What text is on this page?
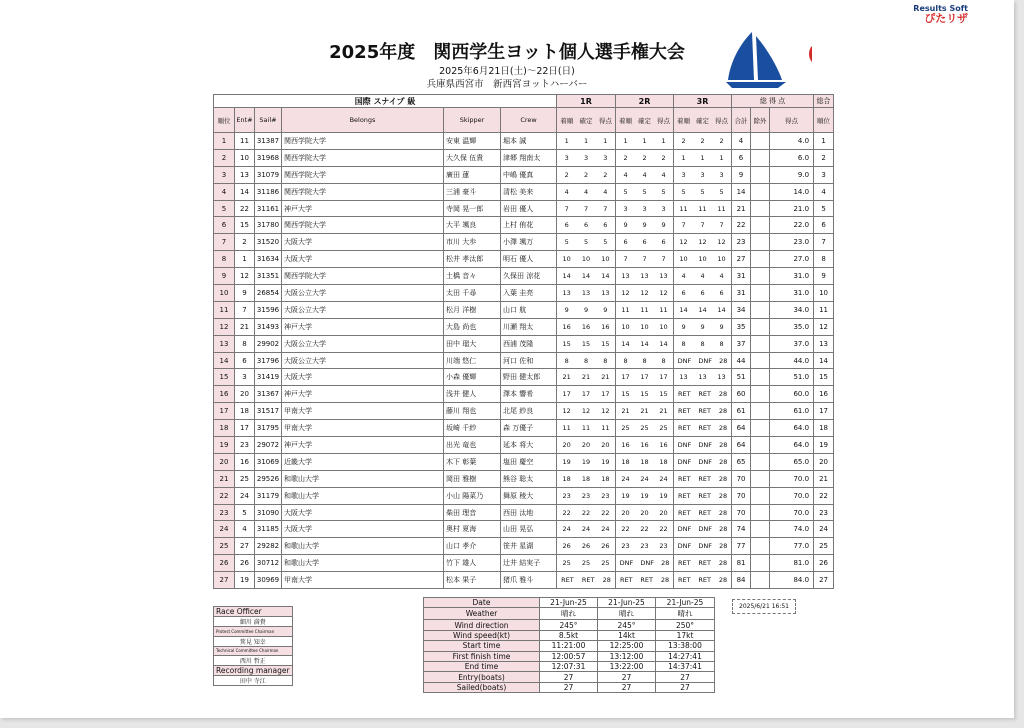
Results Soft
ぴたリザ
2025年度　関西学生ヨット個人選手権大会
2025年6月21日(土)～22日(日)
兵庫県西宮市　新西宮ヨットハーバー
国際 スナイプ 級						1R	2R	3R	総 得 点			総合
順位	Ent#	Sail#	Belongs	Skipper	Crew	着順 確定 得点	着順 確定 得点	着順 確定 得点	合計	除外	得点	順位
1	11	31387	関西学院大学	安東 温輝	堀本 誠	1 1 1	1 1 1	2 2 2	4		4.0	1
2	10	31968	関西学院大学	大久保 伍貴	津郷 翔南太	3 3 3	2 2 2	1 1 1	6		6.0	2
3	13	31079	関西学院大学	廣田 蓮	中嶋 優真	2 2 2	4 4 4	3 3 3	9		9.0	3
4	14	31186	関西学院大学	三浦 豪斗	清松 美来	4 4 4	5 5 5	5 5 5	14		14.0	4
5	22	31161	神戸大学	寺岡 晃一郎	岩田 優人	7 7 7	3 3 3	11 11 11	21		21.0	5
6	15	31780	関西学院大学	大平 颯良	上村 侑花	6 6 6	9 9 9	7 7 7	22		22.0	6
7	2	31520	大阪大学	市川 大歩	小澤 颯万	5 5 5	6 6 6	12 12 12	23		23.0	7
8	1	31634	大阪大学	松井 孝汰郎	明石 優人	10 10 10	7 7 7	10 10 10	27		27.0	8
9	12	31351	関西学院大学	土橋 音々	久保田 涼花	14 14 14	13 13 13	4 4 4	31		31.0	9
10	9	26854	大阪公立大学	太田 千尋	入葉 圭亮	13 13 13	12 12 12	6 6 6	31		31.0	10
11	7	31596	大阪公立大学	松月 洋樹	山口 航	9 9 9	11 11 11	14 14 14	34		34.0	11
12	21	31493	神戸大学	大島 尚也	川瀬 翔太	16 16 16	10 10 10	9 9 9	35		35.0	12
13	8	29902	大阪公立大学	田中 瑠大	西浦 茂隆	15 15 15	14 14 14	8 8 8	37		37.0	13
14	6	31796	大阪公立大学	川端 悠仁	河口 佐和	8 8 8	8 8 8	DNF DNF 28	44		44.0	14
15	3	31419	大阪大学	小森 優輝	野田 健太郎	21 21 21	17 17 17	13 13 13	51		51.0	15
16	20	31367	神戸大学	浅井 健人	澤本 響希	17 17 17	15 15 15	RET RET 28	60		60.0	16
17	18	31517	甲南大学	藤川 翔也	北尾 紗良	12 12 12	21 21 21	RET RET 28	61		61.0	17
18	17	31795	甲南大学	坂崎 千紗	森 万優子	11 11 11	25 25 25	RET RET 28	64		64.0	18
19	23	29072	神戸大学	出光 竜也	延本 将大	20 20 20	16 16 16	DNF DNF 28	64		64.0	19
20	16	31069	近畿大学	木下 彰葉	塩田 慶空	19 19 19	18 18 18	DNF DNF 28	65		65.0	20
21	25	29526	和歌山大学	岡田 雅樹	熊谷 聡太	18 18 18	24 24 24	RET RET 28	70		70.0	21
22	24	31179	和歌山大学	小山 陽菜乃	舞原 稜大	23 23 23	19 19 19	RET RET 28	70		70.0	22
23	5	31090	大阪大学	柴田 理音	西田 汰地	22 22 22	20 20 20	RET RET 28	70		70.0	23
24	4	31185	大阪大学	奥村 夏海	山田 晃弘	24 24 24	22 22 22	DNF DNF 28	74		74.0	24
25	27	29282	和歌山大学	山口 孝介	笹井 星湖	26 26 26	23 23 23	DNF DNF 28	77		77.0	25
26	26	30712	和歌山大学	竹下 雄人	辻井 結実子	25 25 25	DNF DNF 28	RET RET 28	81		81.0	26
27	19	30969	甲南大学	松本 果子	猪爪 雅斗	RET RET 28	RET RET 28	RET RET 28	84		84.0	27
Race Officer
細川 満貴
Protest Committee Chairman
箕見 知幸
Technical Committee Chairman
西川 哲正
Recording manager
田中 寺江
Date	21-Jun-25	21-Jun-25	21-Jun-25
Weather	晴れ	晴れ	晴れ
Wind direction	245°	245°	250°
Wind speed(kt)	8.5kt	14kt	17kt
Start time	11:21:00	12:25:00	13:38:00
First finish time	12:00:57	13:12:00	14:27:41
End time	12:07:31	13:22:00	14:37:41
Entry(boats)	27	27	27
Sailed(boats)	27	27	27
2025/6/21 16:51
